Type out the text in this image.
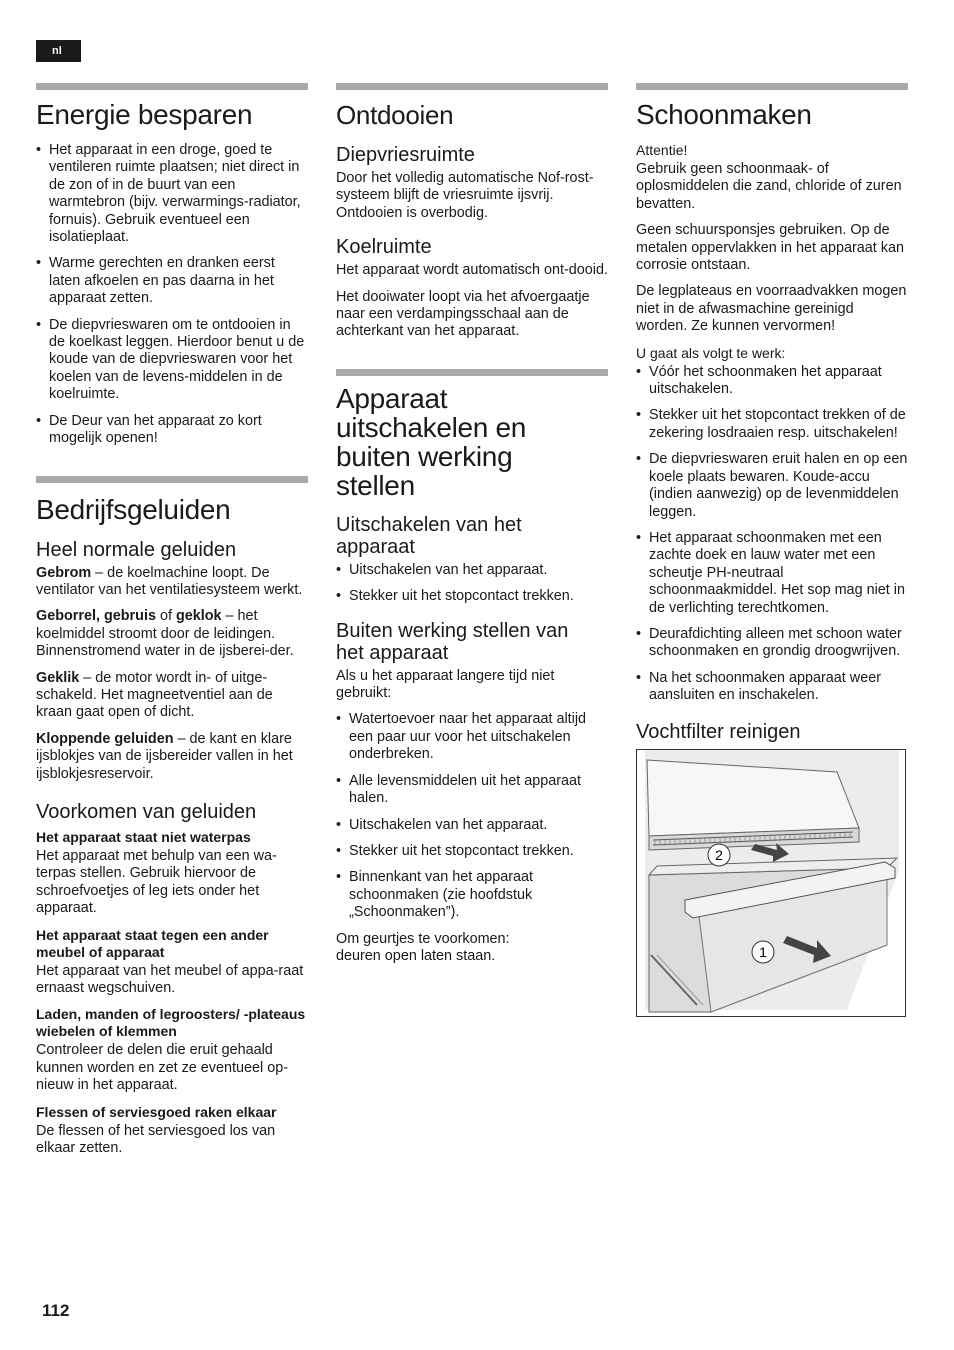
nl
Energie besparen
• Het apparaat in een droge, goed te ventileren ruimte plaatsen; niet direct in de zon of in de buurt van een warmtebron (bijv. verwarmings-radiator, fornuis). Gebruik eventueel een isolatieplaat.
• Warme gerechten en dranken eerst laten afkoelen en pas daarna in het apparaat zetten.
• De diepvrieswaren om te ontdooien in de koelkast leggen. Hierdoor benut u de koude van de diepvrieswaren voor het koelen van de levens-middelen in de koelruimte.
• De Deur van het apparaat zo kort mogelijk openen!
Bedrijfsgeluiden
Heel normale geluiden

Gebrom – de koelmachine loopt. De ventilator van het ventilatiesysteem werkt.

Geborrel, gebruis of geklok – het koelmiddel stroomt door de leidingen. Binnenstromend water in de ijsberei-der.

Geklik – de motor wordt in- of uitge-schakeld. Het magneetventiel aan de kraan gaat open of dicht.

Kloppende geluiden – de kant en klare ijsblokjes van de ijsbereider vallen in het ijsblokjesreservoir.

Voorkomen van geluiden
Het apparaat staat niet waterpas

Het apparaat met behulp van een wa-terpas stellen. Gebruik hiervoor de schroefvoetjes of leg iets onder het apparaat.

Het apparaat staat tegen een ander meubel of apparaat

Het apparaat van het meubel of appa-raat ernaast wegschuiven.

Laden, manden of legroosters/ -plateaus wiebelen of klemmen

Controleer de delen die eruit gehaald kunnen worden en zet ze eventueel op-nieuw in het apparaat.

Flessen of serviesgoed raken elkaar

De flessen of het serviesgoed los van elkaar zetten.

Ontdooien
Diepvriesruimte

Door het volledig automatische Nof-rost-systeem blijft de vriesruimte ijsvrij. Ontdooien is overbodig.

Koelruimte

Het apparaat wordt automatisch ont-dooid.

Het dooiwater loopt via het afvoergaatje naar een verdampingsschaal aan de achterkant van het apparaat.

Apparaat uitschakelen en buiten werking stellen
Uitschakelen van het apparaat
• Uitschakelen van het apparaat.
• Stekker uit het stopcontact trekken.
Buiten werking stellen van het apparaat

Als u het apparaat langere tijd niet gebruikt:

• Watertoevoer naar het apparaat altijd een paar uur voor het uitschakelen onderbreken.
• Alle levensmiddelen uit het apparaat halen.
• Uitschakelen van het apparaat.
• Stekker uit het stopcontact trekken.
• Binnenkant van het apparaat schoonmaken (zie hoofdstuk „Schoonmaken”).

Om geurtjes te voorkomen: deuren open laten staan.

Schoonmaken
Attentie!

Gebruik geen schoonmaak- of oplosmiddelen die zand, chloride of zuren bevatten.

Geen schuursponsjes gebruiken. Op de metalen oppervlakken in het apparaat kan corrosie ontstaan.

De legplateaus en voorraadvakken mogen niet in de afwasmachine gereinigd worden. Ze kunnen vervormen!

U gaat als volgt te werk:
• Vóór het schoonmaken het apparaat uitschakelen.
• Stekker uit het stopcontact trekken of de zekering losdraaien resp. uitschakelen!
• De diepvrieswaren eruit halen en op een koele plaats bewaren. Koude-accu (indien aanwezig) op de levenmiddelen leggen.
• Het apparaat schoonmaken met een zachte doek en lauw water met een scheutje PH-neutraal schoonmaakmiddel. Het sop mag niet in de verlichting terechtkomen.
• Deurafdichting alleen met schoon water schoonmaken en grondig droogwrijven.
• Na het schoonmaken apparaat weer aansluiten en inschakelen.
Vochtfilter reinigen
2
1
112
